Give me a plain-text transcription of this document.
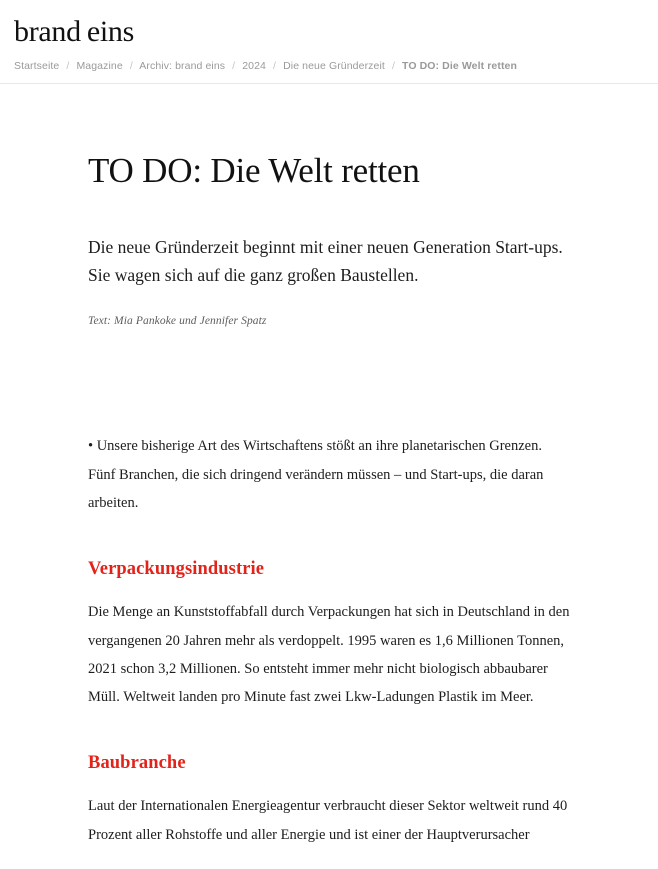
brand eins
Startseite / Magazine / Archiv: brand eins / 2024 / Die neue Gründerzeit / TO DO: Die Welt retten
TO DO: Die Welt retten

Die neue Gründerzeit beginnt mit einer neuen Generation Start-ups. Sie wagen sich auf die ganz großen Baustellen.

Text: Mia Pankoke und Jennifer Spatz

• Unsere bisherige Art des Wirtschaftens stößt an ihre planetarischen Grenzen. Fünf Branchen, die sich dringend verändern müssen – und Start-ups, die daran arbeiten.

Verpackungsindustrie

Die Menge an Kunststoffabfall durch Verpackungen hat sich in Deutschland in den vergangenen 20 Jahren mehr als verdoppelt. 1995 waren es 1,6 Millionen Tonnen, 2021 schon 3,2 Millionen. So entsteht immer mehr nicht biologisch abbaubarer Müll. Weltweit landen pro Minute fast zwei Lkw-Ladungen Plastik im Meer.

Baubranche

Laut der Internationalen Energieagentur verbraucht dieser Sektor weltweit rund 40 Prozent aller Rohstoffe und aller Energie und ist einer der Hauptverursacher
